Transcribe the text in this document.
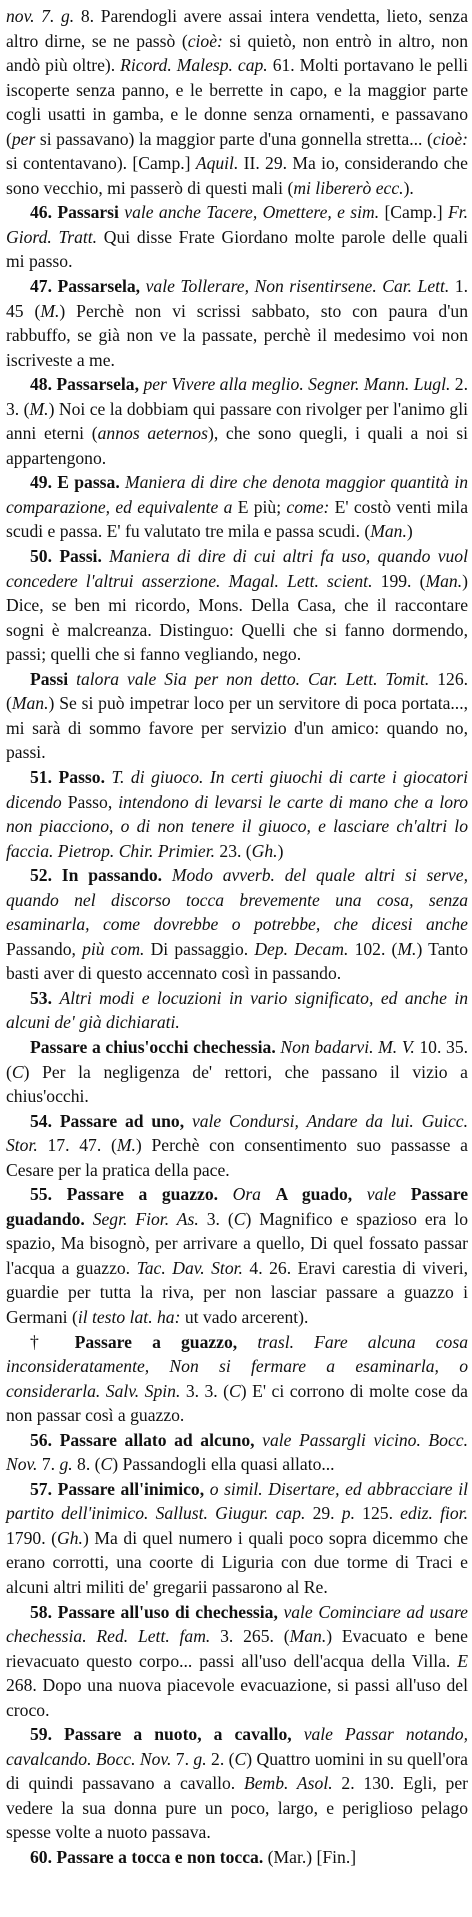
nov. 7. g. 8. Parendogli avere assai intera vendetta, lieto, senza altro dirne, se ne passò (cioè: si quietò, non entrò in altro, non andò più oltre). Ricord. Malesp. cap. 61. Molti portavano le pelli iscoperte senza panno, e le berrette in capo, e la maggior parte cogli usatti in gamba, e le donne senza ornamenti, e passavano (per si passavano) la maggior parte d'una gonnella stretta... (cioè: si contentavano). [Camp.] Aquil. II. 29. Ma io, considerando che sono vecchio, mi passerò di questi mali (mi libererò ecc.).

46. Passarsi vale anche Tacere, Omettere, e sim. [Camp.] Fr. Giord. Tratt. Qui disse Frate Giordano molte parole delle quali mi passo.

47. Passarsela, vale Tollerare, Non risentirsene. Car. Lett. 1. 45 (M.) Perchè non vi scrissi sabbato, sto con paura d'un rabbuffo, se già non ve la passate, perchè il medesimo voi non iscriveste a me.

48. Passarsela, per Vivere alla meglio. Segner. Mann. Lugl. 2. 3. (M.) Noi ce la dobbiam qui passare con rivolger per l'animo gli anni eterni (annos aeternos), che sono quegli, i quali a noi si appartengono.

49. E passa. Maniera di dire che denota maggior quantità in comparazione, ed equivalente a E più; come: E' costò venti mila scudi e passa. E' fu valutato tre mila e passa scudi. (Man.)

50. Passi. Maniera di dire di cui altri fa uso, quando vuol concedere l'altrui asserzione. Magal. Lett. scient. 199. (Man.) Dice, se ben mi ricordo, Mons. Della Casa, che il raccontare sogni è malcreanza. Distinguo: Quelli che si fanno dormendo, passi; quelli che si fanno vegliando, nego.

Passi talora vale Sia per non detto. Car. Lett. Tomit. 126. (Man.) Se si può impetrar loco per un servitore di poca portata..., mi sarà di sommo favore per servizio d'un amico: quando no, passi.

51. Passo. T. di giuoco. In certi giuochi di carte i giocatori dicendo Passo, intendono di levarsi le carte di mano che a loro non piacciono, o di non tenere il giuoco, e lasciare ch'altri lo faccia. Pietrop. Chir. Primier. 23. (Gh.)

52. In passando. Modo avverb. del quale altri si serve, quando nel discorso tocca brevemente una cosa, senza esaminarla, come dovrebbe o potrebbe, che dicesi anche Passando, più com. Di passaggio. Dep. Decam. 102. (M.) Tanto basti aver di questo accennato così in passando.

53. Altri modi e locuzioni in vario significato, ed anche in alcuni de' già dichiarati.

Passare a chius'occhi chechessia. Non badarvi. M. V. 10. 35. (C) Per la negligenza de' rettori, che passano il vizio a chius'occhi.

54. Passare ad uno, vale Condursi, Andare da lui. Guicc. Stor. 17. 47. (M.) Perchè con consentimento suo passasse a Cesare per la pratica della pace.

55. Passare a guazzo. Ora A guado, vale Passare guadando. Segr. Fior. As. 3. (C) Magnifico e spazioso era lo spazio, Ma bisognò, per arrivare a quello, Di quel fossato passar l'acqua a guazzo. Tac. Dav. Stor. 4. 26. Eravi carestia di viveri, guardie per tutta la riva, per non lasciar passare a guazzo i Germani (il testo lat. ha: ut vado arcerent).

† Passare a guazzo, trasl. Fare alcuna cosa inconsideratamente, Non si fermare a esaminarla, o considerarla. Salv. Spin. 3. 3. (C) E' ci corrono di molte cose da non passar così a guazzo.

56. Passare allato ad alcuno, vale Passargli vicino. Bocc. Nov. 7. g. 8. (C) Passandogli ella quasi allato...

57. Passare all'inimico, o simil. Disertare, ed abbracciare il partito dell'inimico. Sallust. Giugur. cap. 29. p. 125. ediz. fior. 1790. (Gh.) Ma di quel numero i quali poco sopra dicemmo che erano corrotti, una coorte di Liguria con due torme di Traci e alcuni altri militi de' gregarii passarono al Re.

58. Passare all'uso di chechessia, vale Cominciare ad usare chechessia. Red. Lett. fam. 3. 265. (Man.) Evacuato e bene rievacuato questo corpo... passi all'uso dell'acqua della Villa. E 268. Dopo una nuova piacevole evacuazione, si passi all'uso del croco.

59. Passare a nuoto, a cavallo, vale Passar notando, cavalcando. Bocc. Nov. 7. g. 2. (C) Quattro uomini in su quell'ora di quindi passavano a cavallo. Bemb. Asol. 2. 130. Egli, per vedere la sua donna pure un poco, largo, e periglioso pelago spesse volte a nuoto passava.

60. Passare a tocca e non tocca. (Mar.) [Fin.]
